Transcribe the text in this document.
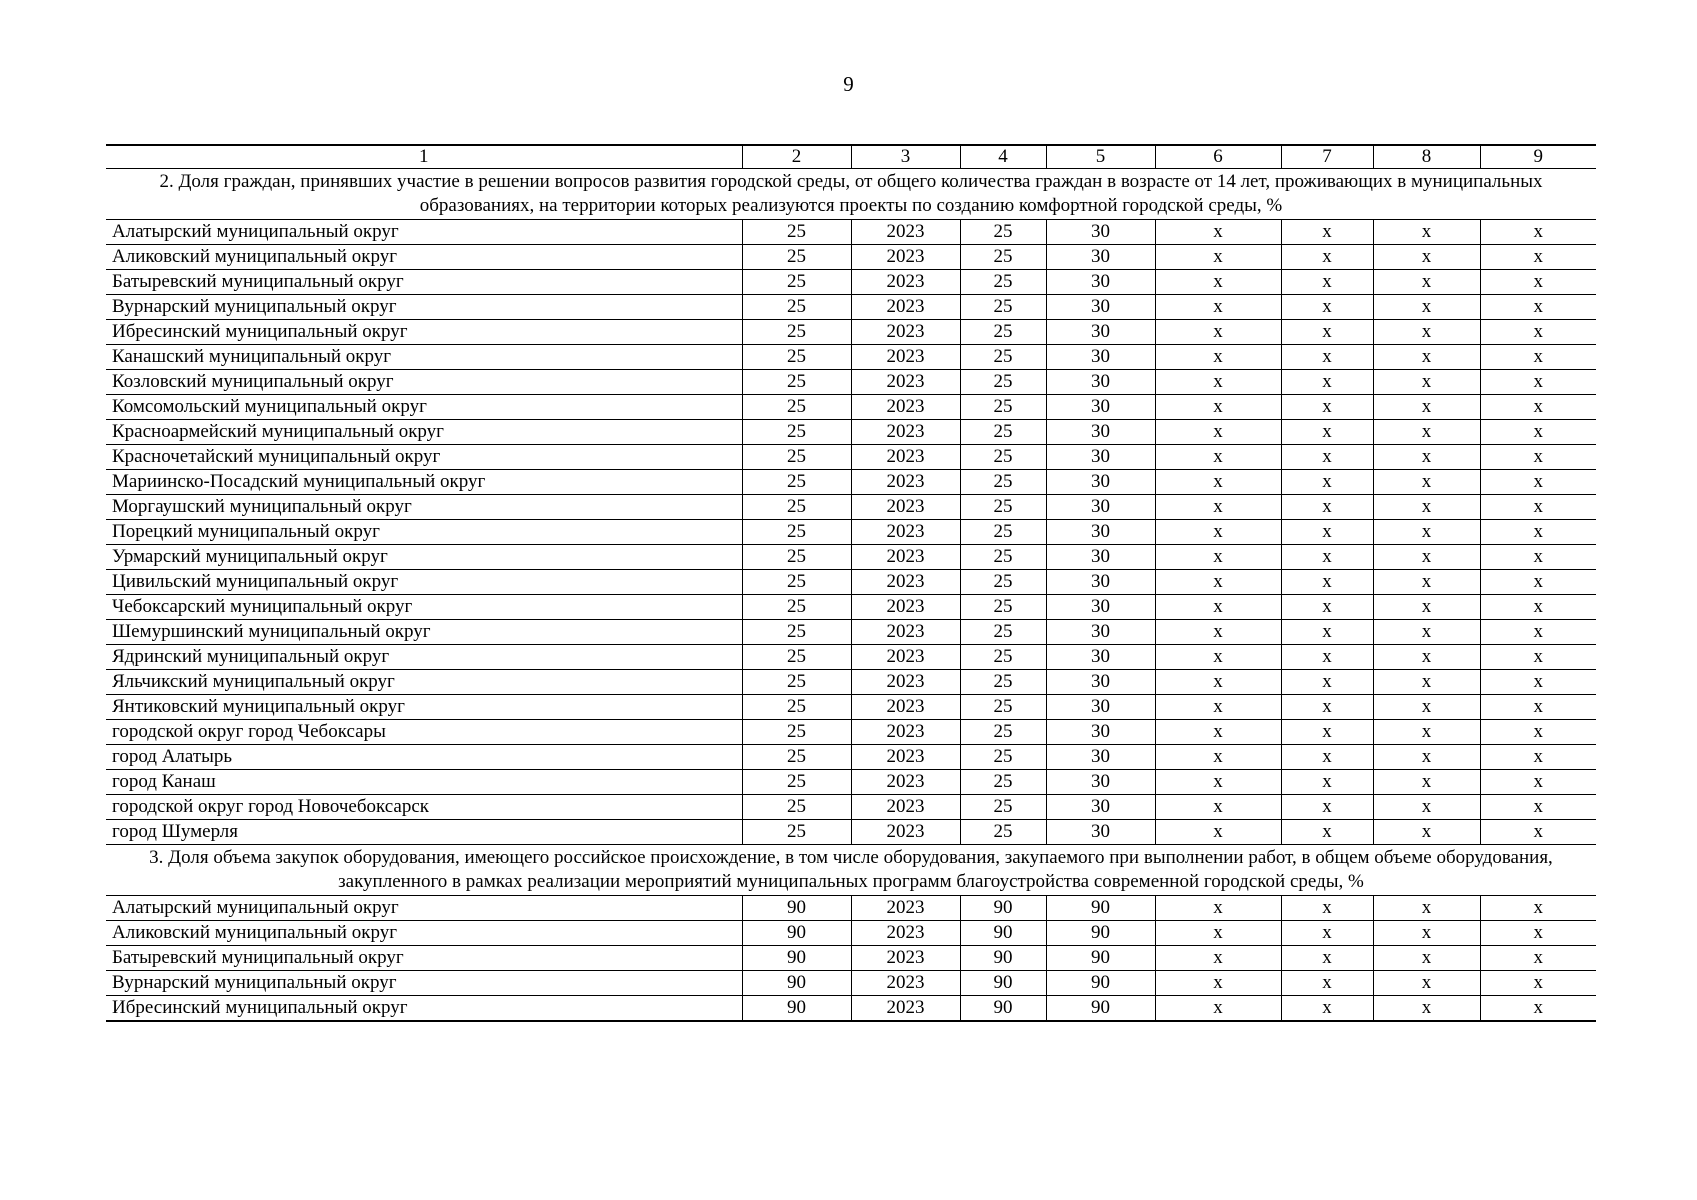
9
1	2	3	4	5	6	7	8	9
2. Доля граждан, принявших участие в решении вопросов развития городской среды, от общего количества граждан в возрасте от 14 лет, проживающих в муниципальных образованиях, на территории которых реализуются проекты по созданию комфортной городской среды, %								
Алатырский муниципальный округ	25	2023	25	30	х	х	х	х
Аликовский муниципальный округ	25	2023	25	30	х	х	х	х
Батыревский муниципальный округ	25	2023	25	30	х	х	х	х
Вурнарский муниципальный округ	25	2023	25	30	х	х	х	х
Ибресинский муниципальный округ	25	2023	25	30	х	х	х	х
Канашский муниципальный округ	25	2023	25	30	х	х	х	х
Козловский муниципальный округ	25	2023	25	30	х	х	х	х
Комсомольский муниципальный округ	25	2023	25	30	х	х	х	х
Красноармейский муниципальный округ	25	2023	25	30	х	х	х	х
Красночетайский муниципальный округ	25	2023	25	30	х	х	х	х
Мариинско-Посадский муниципальный округ	25	2023	25	30	х	х	х	х
Моргаушский муниципальный округ	25	2023	25	30	х	х	х	х
Порецкий муниципальный округ	25	2023	25	30	х	х	х	х
Урмарский муниципальный округ	25	2023	25	30	х	х	х	х
Цивильский муниципальный округ	25	2023	25	30	х	х	х	х
Чебоксарский муниципальный округ	25	2023	25	30	х	х	х	х
Шемуршинский муниципальный округ	25	2023	25	30	х	х	х	х
Ядринский муниципальный округ	25	2023	25	30	х	х	х	х
Яльчикский муниципальный округ	25	2023	25	30	х	х	х	х
Янтиковский муниципальный округ	25	2023	25	30	х	х	х	х
городской округ город Чебоксары	25	2023	25	30	х	х	х	х
город Алатырь	25	2023	25	30	х	х	х	х
город Канаш	25	2023	25	30	х	х	х	х
городской округ город Новочебоксарск	25	2023	25	30	х	х	х	х
город Шумерля	25	2023	25	30	х	х	х	х
3. Доля объема закупок оборудования, имеющего российское происхождение, в том числе оборудования, закупаемого при выполнении работ, в общем объеме оборудования, закупленного в рамках реализации мероприятий муниципальных программ благоустройства современной городской среды, %								
Алатырский муниципальный округ	90	2023	90	90	х	х	х	х
Аликовский муниципальный округ	90	2023	90	90	х	х	х	х
Батыревский муниципальный округ	90	2023	90	90	х	х	х	х
Вурнарский муниципальный округ	90	2023	90	90	х	х	х	х
Ибресинский муниципальный округ	90	2023	90	90	х	х	х	х
